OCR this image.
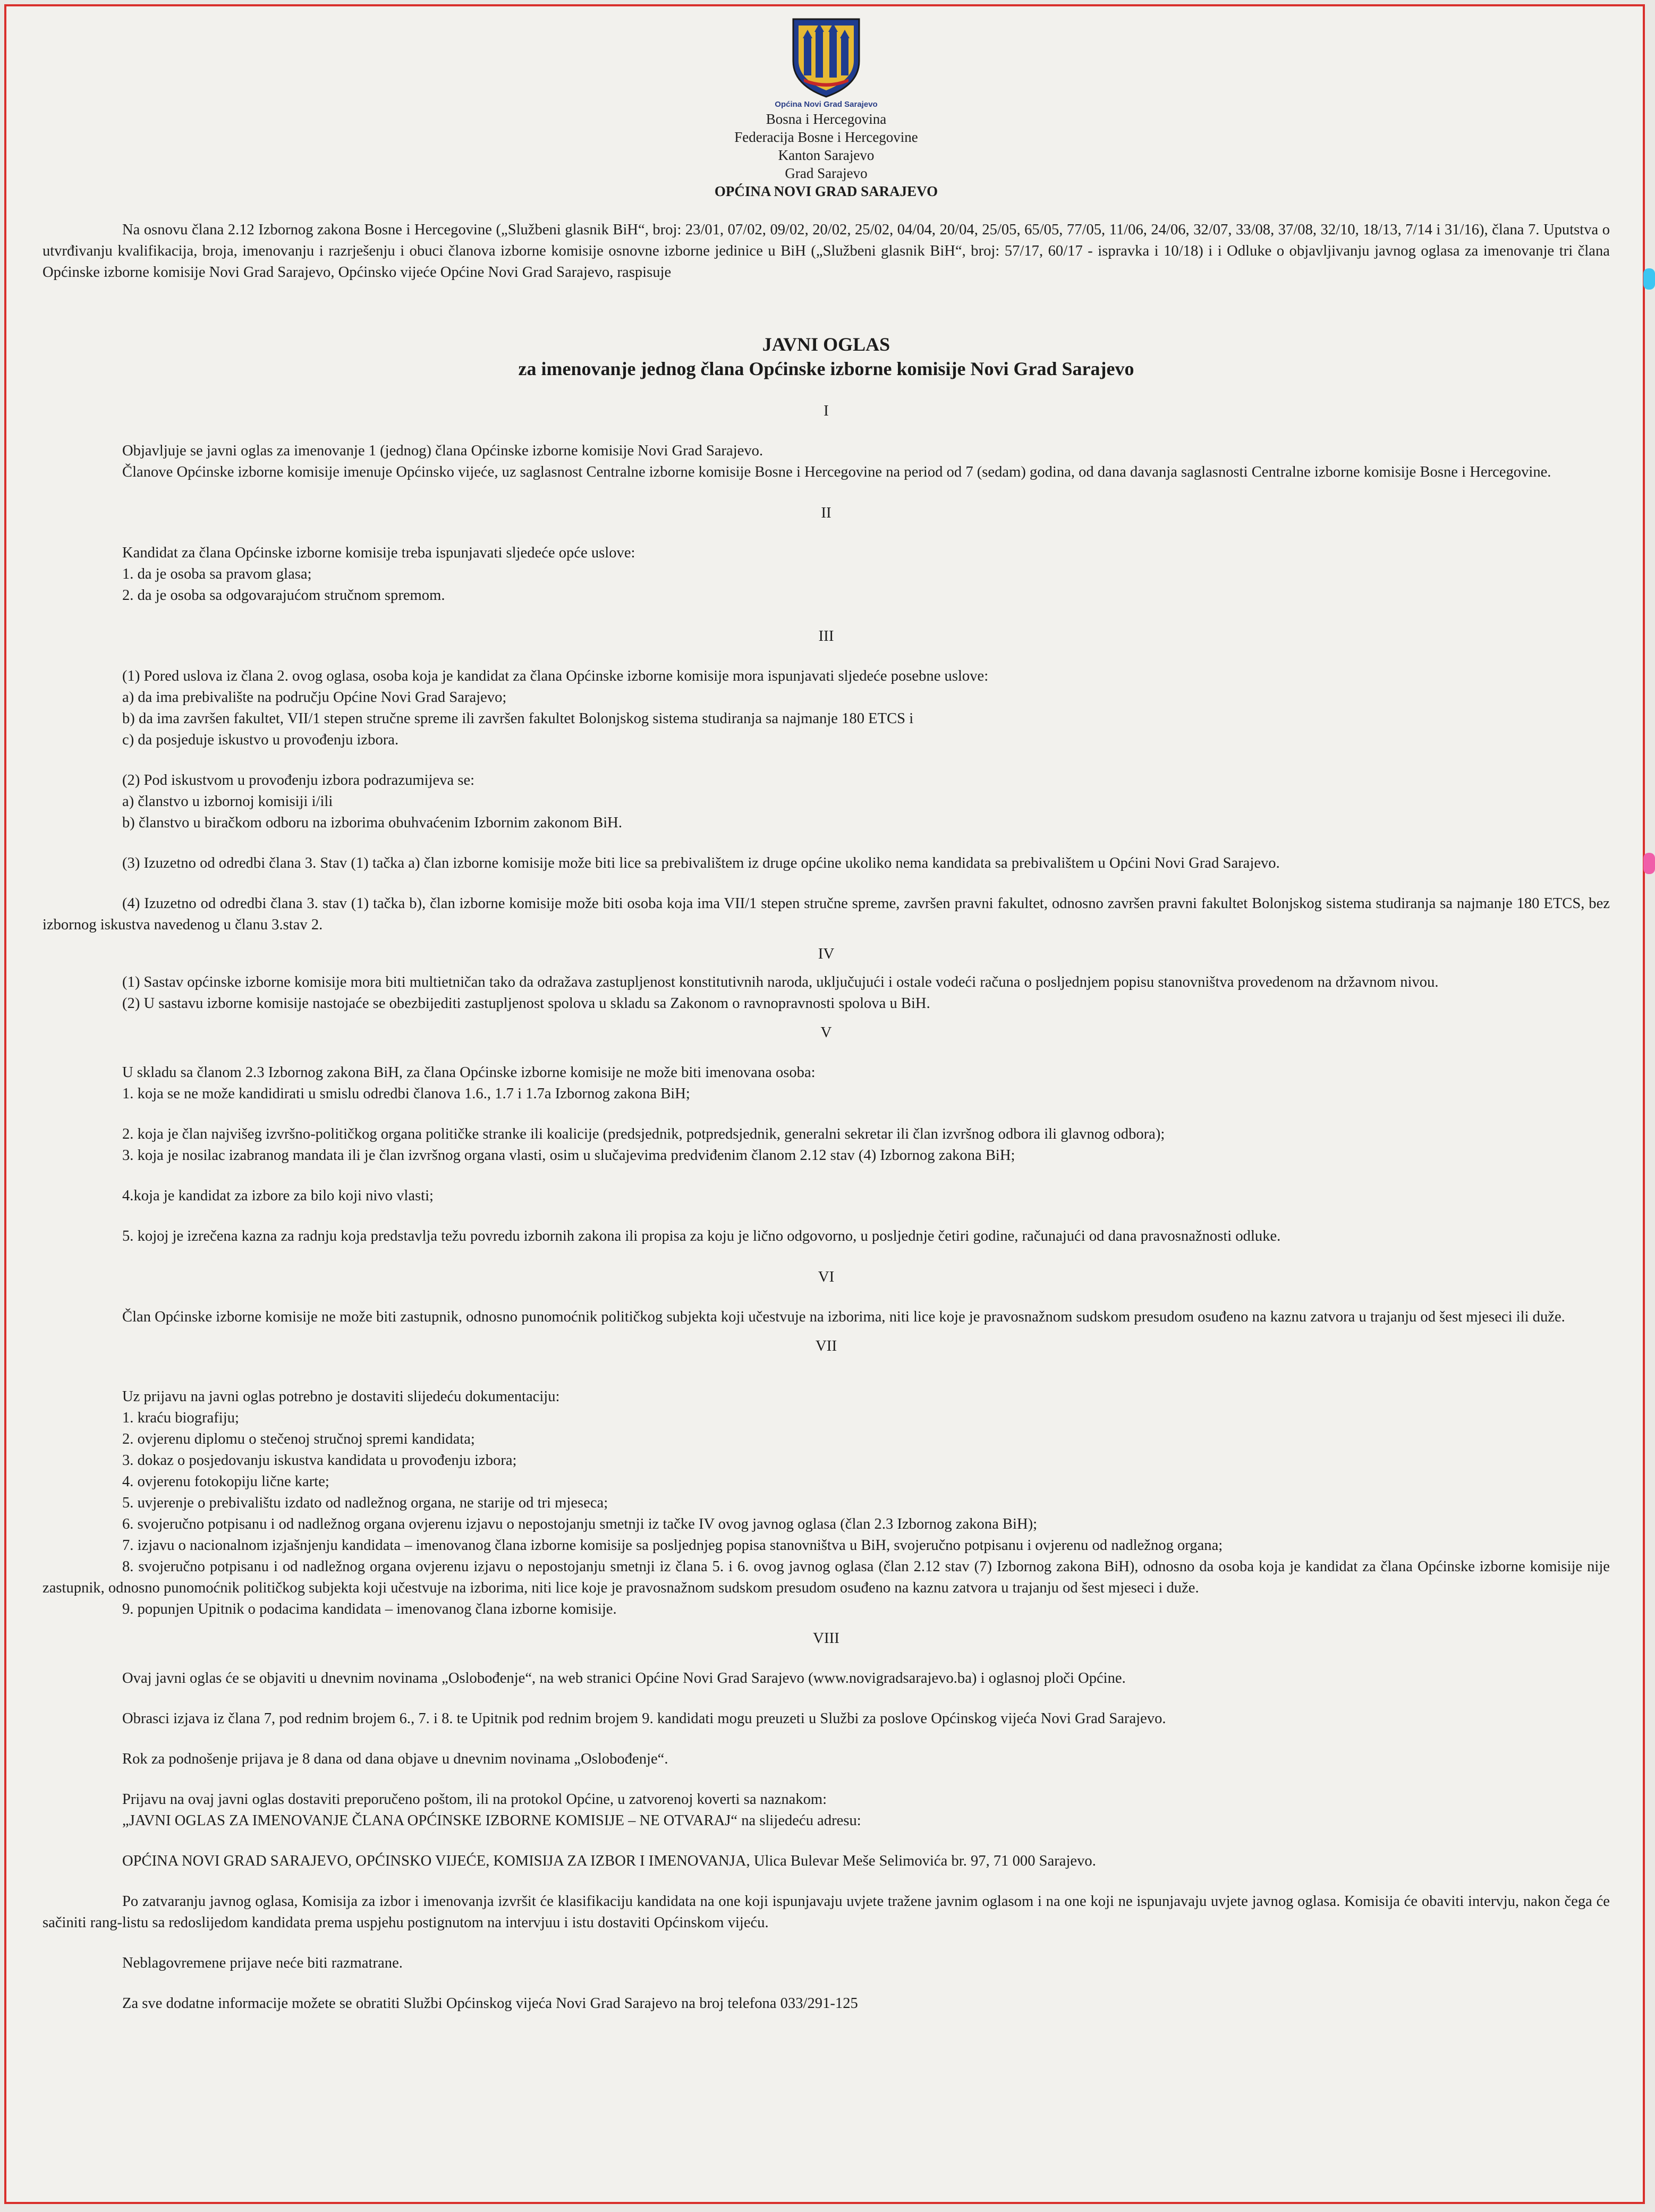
Općina Novi Grad Sarajevo
Bosna i Hercegovina
Federacija Bosne i Hercegovine
Kanton Sarajevo
Grad Sarajevo
OPĆINA NOVI GRAD SARAJEVO

Na osnovu člana 2.12 Izbornog zakona Bosne i Hercegovine („Službeni glasnik BiH“, broj: 23/01, 07/02, 09/02, 20/02, 25/02, 04/04, 20/04, 25/05, 65/05, 77/05, 11/06, 24/06, 32/07, 33/08, 37/08, 32/10, 18/13, 7/14 i 31/16), člana 7. Uputstva o utvrđivanju kvalifikacija, broja, imenovanju i razrješenju i obuci članova izborne komisije osnovne izborne jedinice u BiH („Službeni glasnik BiH“, broj: 57/17, 60/17 - ispravka i 10/18) i i Odluke o objavljivanju javnog oglasa za imenovanje tri člana Općinske izborne komisije Novi Grad Sarajevo, Općinsko vijeće Općine Novi Grad Sarajevo, raspisuje

JAVNI OGLAS
za imenovanje jednog člana Općinske izborne komisije Novi Grad Sarajevo
I

Objavljuje se javni oglas za imenovanje 1 (jednog) člana Općinske izborne komisije Novi Grad Sarajevo.

Članove Općinske izborne komisije imenuje Općinsko vijeće, uz saglasnost Centralne izborne komisije Bosne i Hercegovine na period od 7 (sedam) godina, od dana davanja saglasnosti Centralne izborne komisije Bosne i Hercegovine.

II

Kandidat za člana Općinske izborne komisije treba ispunjavati sljedeće opće uslove:

1. da je osoba sa pravom glasa;

2. da je osoba sa odgovarajućom stručnom spremom.

III

(1) Pored uslova iz člana 2. ovog oglasa, osoba koja je kandidat za člana Općinske izborne komisije mora ispunjavati sljedeće posebne uslove:

a) da ima prebivalište na području Općine Novi Grad Sarajevo;

b) da ima završen fakultet, VII/1 stepen stručne spreme ili završen fakultet Bolonjskog sistema studiranja sa najmanje 180 ETCS i

c) da posjeduje iskustvo u provođenju izbora.

(2) Pod iskustvom u provođenju izbora podrazumijeva se:

a) članstvo u izbornoj komisiji i/ili

b) članstvo u biračkom odboru na izborima obuhvaćenim Izbornim zakonom BiH.

(3) Izuzetno od odredbi člana 3. Stav (1) tačka a) član izborne komisije može biti lice sa prebivalištem iz druge općine ukoliko nema kandidata sa prebivalištem u Općini Novi Grad Sarajevo.

(4) Izuzetno od odredbi člana 3. stav (1) tačka b), član izborne komisije može biti osoba koja ima VII/1 stepen stručne spreme, završen pravni fakultet, odnosno završen pravni fakultet Bolonjskog sistema studiranja sa najmanje 180 ETCS, bez izbornog iskustva navedenog u članu 3.stav 2.

IV

(1) Sastav općinske izborne komisije mora biti multietničan tako da odražava zastupljenost konstitutivnih naroda, uključujući i ostale vodeći računa o posljednjem popisu stanovništva provedenom na državnom nivou.

(2) U sastavu izborne komisije nastojaće se obezbijediti zastupljenost spolova u skladu sa Zakonom o ravnopravnosti spolova u BiH.

V

U skladu sa članom 2.3 Izbornog zakona BiH, za člana Općinske izborne komisije ne može biti imenovana osoba:

1. koja se ne može kandidirati u smislu odredbi članova 1.6., 1.7 i 1.7a Izbornog zakona BiH;

2. koja je član najvišeg izvršno-političkog organa političke stranke ili koalicije (predsjednik, potpredsjednik, generalni sekretar ili član izvršnog odbora ili glavnog odbora);

3. koja je nosilac izabranog mandata ili je član izvršnog organa vlasti, osim u slučajevima predviđenim članom 2.12 stav (4) Izbornog zakona BiH;

4.koja je kandidat za izbore za bilo koji nivo vlasti;

5. kojoj je izrečena kazna za radnju koja predstavlja težu povredu izbornih zakona ili propisa za koju je lično odgovorno, u posljednje četiri godine, računajući od dana pravosnažnosti odluke.

VI

Član Općinske izborne komisije ne može biti zastupnik, odnosno punomoćnik političkog subjekta koji učestvuje na izborima, niti lice koje je pravosnažnom sudskom presudom osuđeno na kaznu zatvora u trajanju od šest mjeseci ili duže.

VII

Uz prijavu na javni oglas potrebno je dostaviti slijedeću dokumentaciju:

1. kraću biografiju;

2. ovjerenu diplomu o stečenoj stručnoj spremi kandidata;

3. dokaz o posjedovanju iskustva kandidata u provođenju izbora;

4. ovjerenu fotokopiju lične karte;

5. uvjerenje o prebivalištu izdato od nadležnog organa, ne starije od tri mjeseca;

6. svojeručno potpisanu i od nadležnog organa ovjerenu izjavu o nepostojanju smetnji iz tačke IV ovog javnog oglasa (član 2.3 Izbornog zakona BiH);

7. izjavu o nacionalnom izjašnjenju kandidata – imenovanog člana izborne komisije sa posljednjeg popisa stanovništva u BiH, svojeručno potpisanu i ovjerenu od nadležnog organa;

8. svojeručno potpisanu i od nadležnog organa ovjerenu izjavu o nepostojanju smetnji iz člana 5. i 6. ovog javnog oglasa (član 2.12 stav (7) Izbornog zakona BiH), odnosno da osoba koja je kandidat za člana Općinske izborne komisije nije zastupnik, odnosno punomoćnik političkog subjekta koji učestvuje na izborima, niti lice koje je pravosnažnom sudskom presudom osuđeno na kaznu zatvora u trajanju od šest mjeseci i duže.

9. popunjen Upitnik o podacima kandidata – imenovanog člana izborne komisije.

VIII

Ovaj javni oglas će se objaviti u dnevnim novinama „Oslobođenje“, na web stranici Općine Novi Grad Sarajevo (www.novigradsarajevo.ba) i oglasnoj ploči Općine.

Obrasci izjava iz člana 7, pod rednim brojem 6., 7. i 8. te Upitnik pod rednim brojem 9. kandidati mogu preuzeti u Službi za poslove Općinskog vijeća Novi Grad Sarajevo.

Rok za podnošenje prijava je 8 dana od dana objave u dnevnim novinama „Oslobođenje“.

Prijavu na ovaj javni oglas dostaviti preporučeno poštom, ili na protokol Općine, u zatvorenoj koverti sa naznakom:

„JAVNI OGLAS ZA IMENOVANJE ČLANA OPĆINSKE IZBORNE KOMISIJE – NE OTVARAJ“ na slijedeću adresu:

OPĆINA NOVI GRAD SARAJEVO, OPĆINSKO VIJEĆE, KOMISIJA ZA IZBOR I IMENOVANJA, Ulica Bulevar Meše Selimovića br. 97, 71 000 Sarajevo.

Po zatvaranju javnog oglasa, Komisija za izbor i imenovanja izvršit će klasifikaciju kandidata na one koji ispunjavaju uvjete tražene javnim oglasom i na one koji ne ispunjavaju uvjete javnog oglasa. Komisija će obaviti intervju, nakon čega će sačiniti rang-listu sa redoslijedom kandidata prema uspjehu postignutom na intervjuu i istu dostaviti Općinskom vijeću.

Neblagovremene prijave neće biti razmatrane.

Za sve dodatne informacije možete se obratiti Službi Općinskog vijeća Novi Grad Sarajevo na broj telefona 033/291-125
